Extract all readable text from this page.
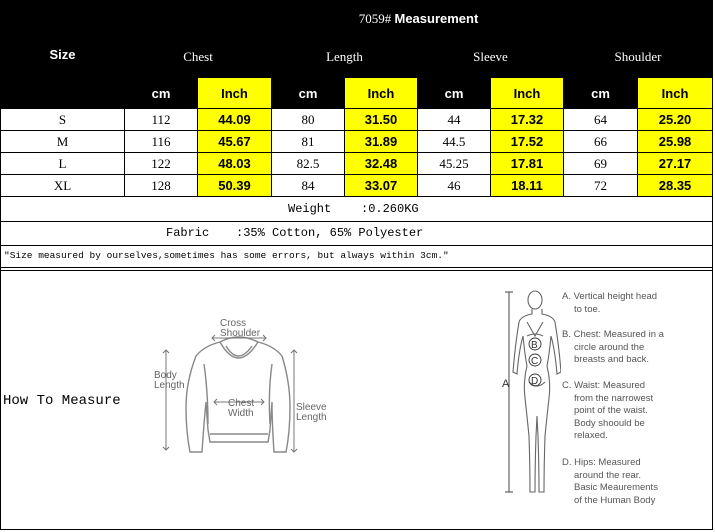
Size	7059# Measurement							
	Chest		Length		Sleeve		Shoulder	
	cm	Inch	cm	Inch	cm	Inch	cm	Inch
S	112	44.09	80	31.50	44	17.32	64	25.20
M	116	45.67	81	31.89	44.5	17.52	66	25.98
L	122	48.03	82.5	32.48	45.25	17.81	69	27.17
XL	128	50.39	84	33.07	46	18.11	72	28.35
Weight :0.260KG
Fabric :35% Cotton, 65% Polyester
"Size measured by ourselves,sometimes has some errors, but always within 3cm."
How To Measure
Cross
Shoulder
Body
Length
Chest
Width
Sleeve
Length
A
B
C
D
A. Vertical height head
to toe.
B. Chest: Measured in a
circle around the
breasts and back.
C. Waist: Measured
from the narrowest
point of the waist.
Body shoould be
relaxed.
D. Hips: Measured
around the rear.
Basic Meaurements
of the Human Body
